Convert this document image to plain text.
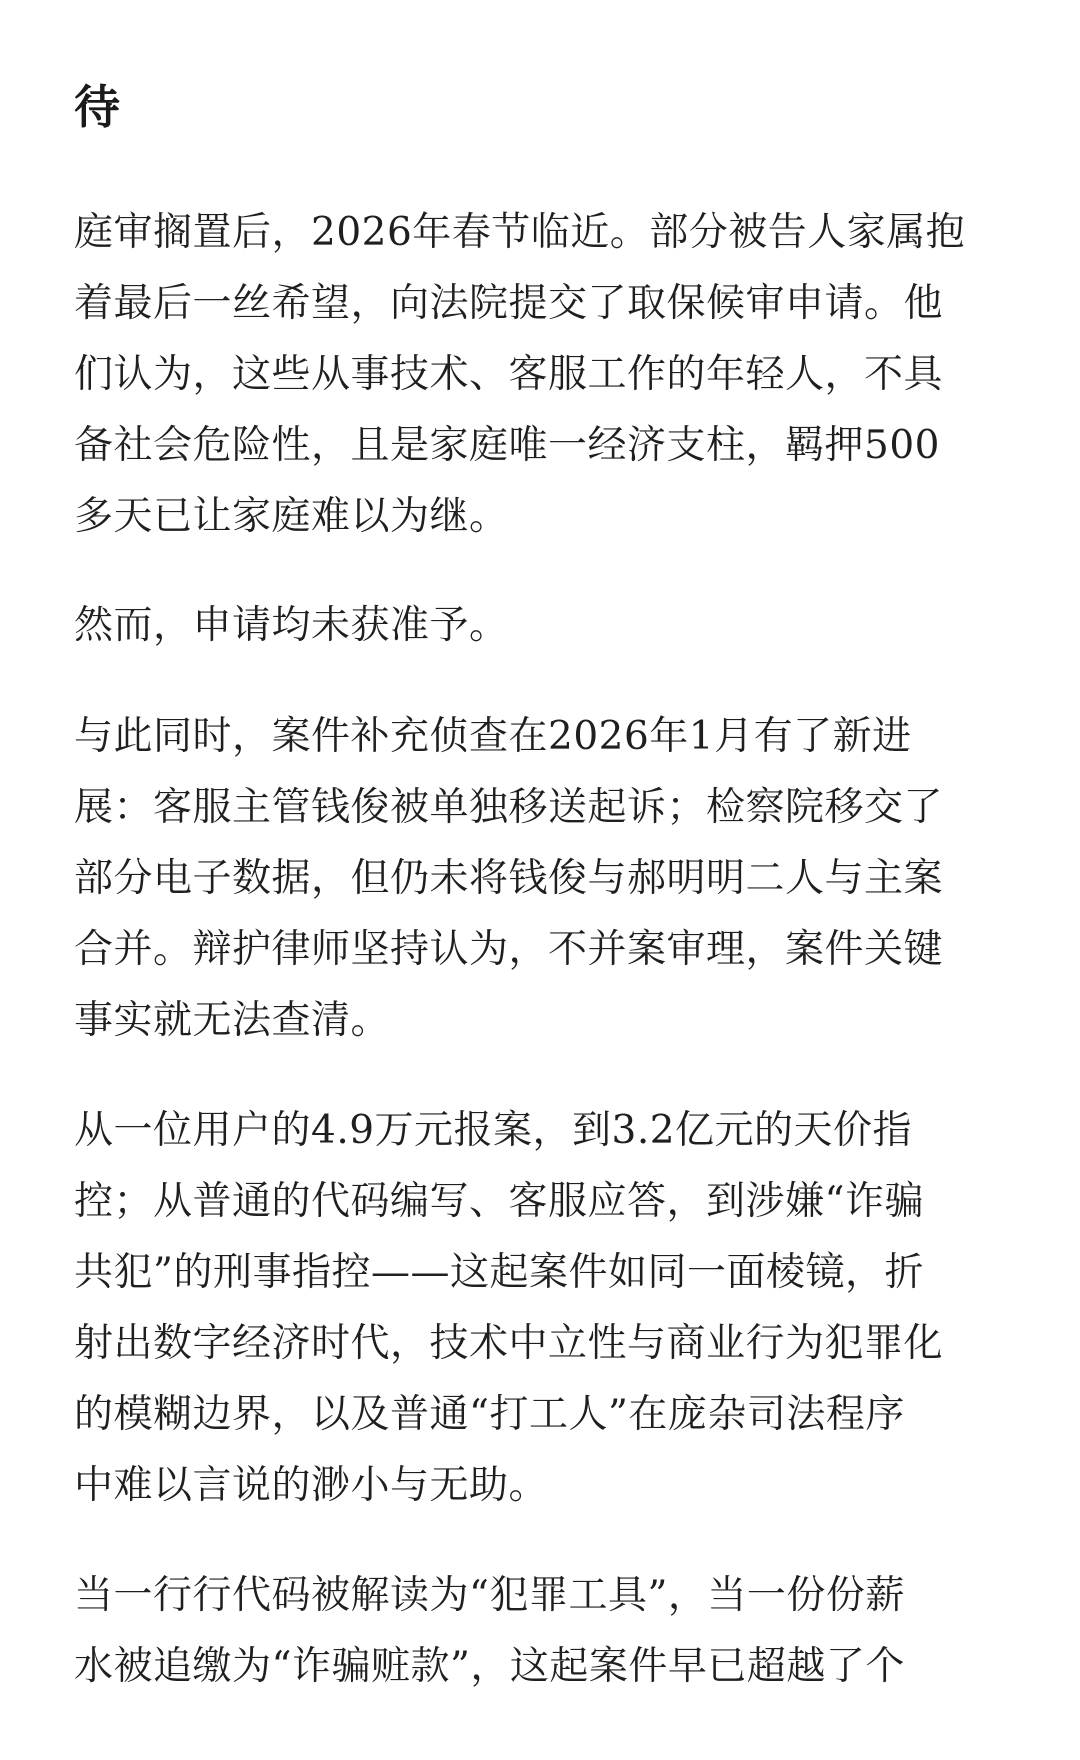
待

庭审搁置后，2026年春节临近。部分被告人家属抱

着最后一丝希望，向法院提交了取保候审申请。他

们认为，这些从事技术、客服工作的年轻人，不具

备社会危险性，且是家庭唯一经济支柱，羁押500

多天已让家庭难以为继。

然而，申请均未获准予。

与此同时，案件补充侦查在2026年1月有了新进

展：客服主管钱俊被单独移送起诉；检察院移交了

部分电子数据，但仍未将钱俊与郝明明二人与主案

合并。辩护律师坚持认为，不并案审理，案件关键

事实就无法查清。

从一位用户的4.9万元报案，到3.2亿元的天价指

控；从普通的代码编写、客服应答，到涉嫌“诈骗

共犯”的刑事指控——这起案件如同一面棱镜，折

射出数字经济时代，技术中立性与商业行为犯罪化

的模糊边界，以及普通“打工人”在庞杂司法程序

中难以言说的渺小与无助。

当一行行代码被解读为“犯罪工具”，当一份份薪

水被追缴为“诈骗赃款”，这起案件早已超越了个
